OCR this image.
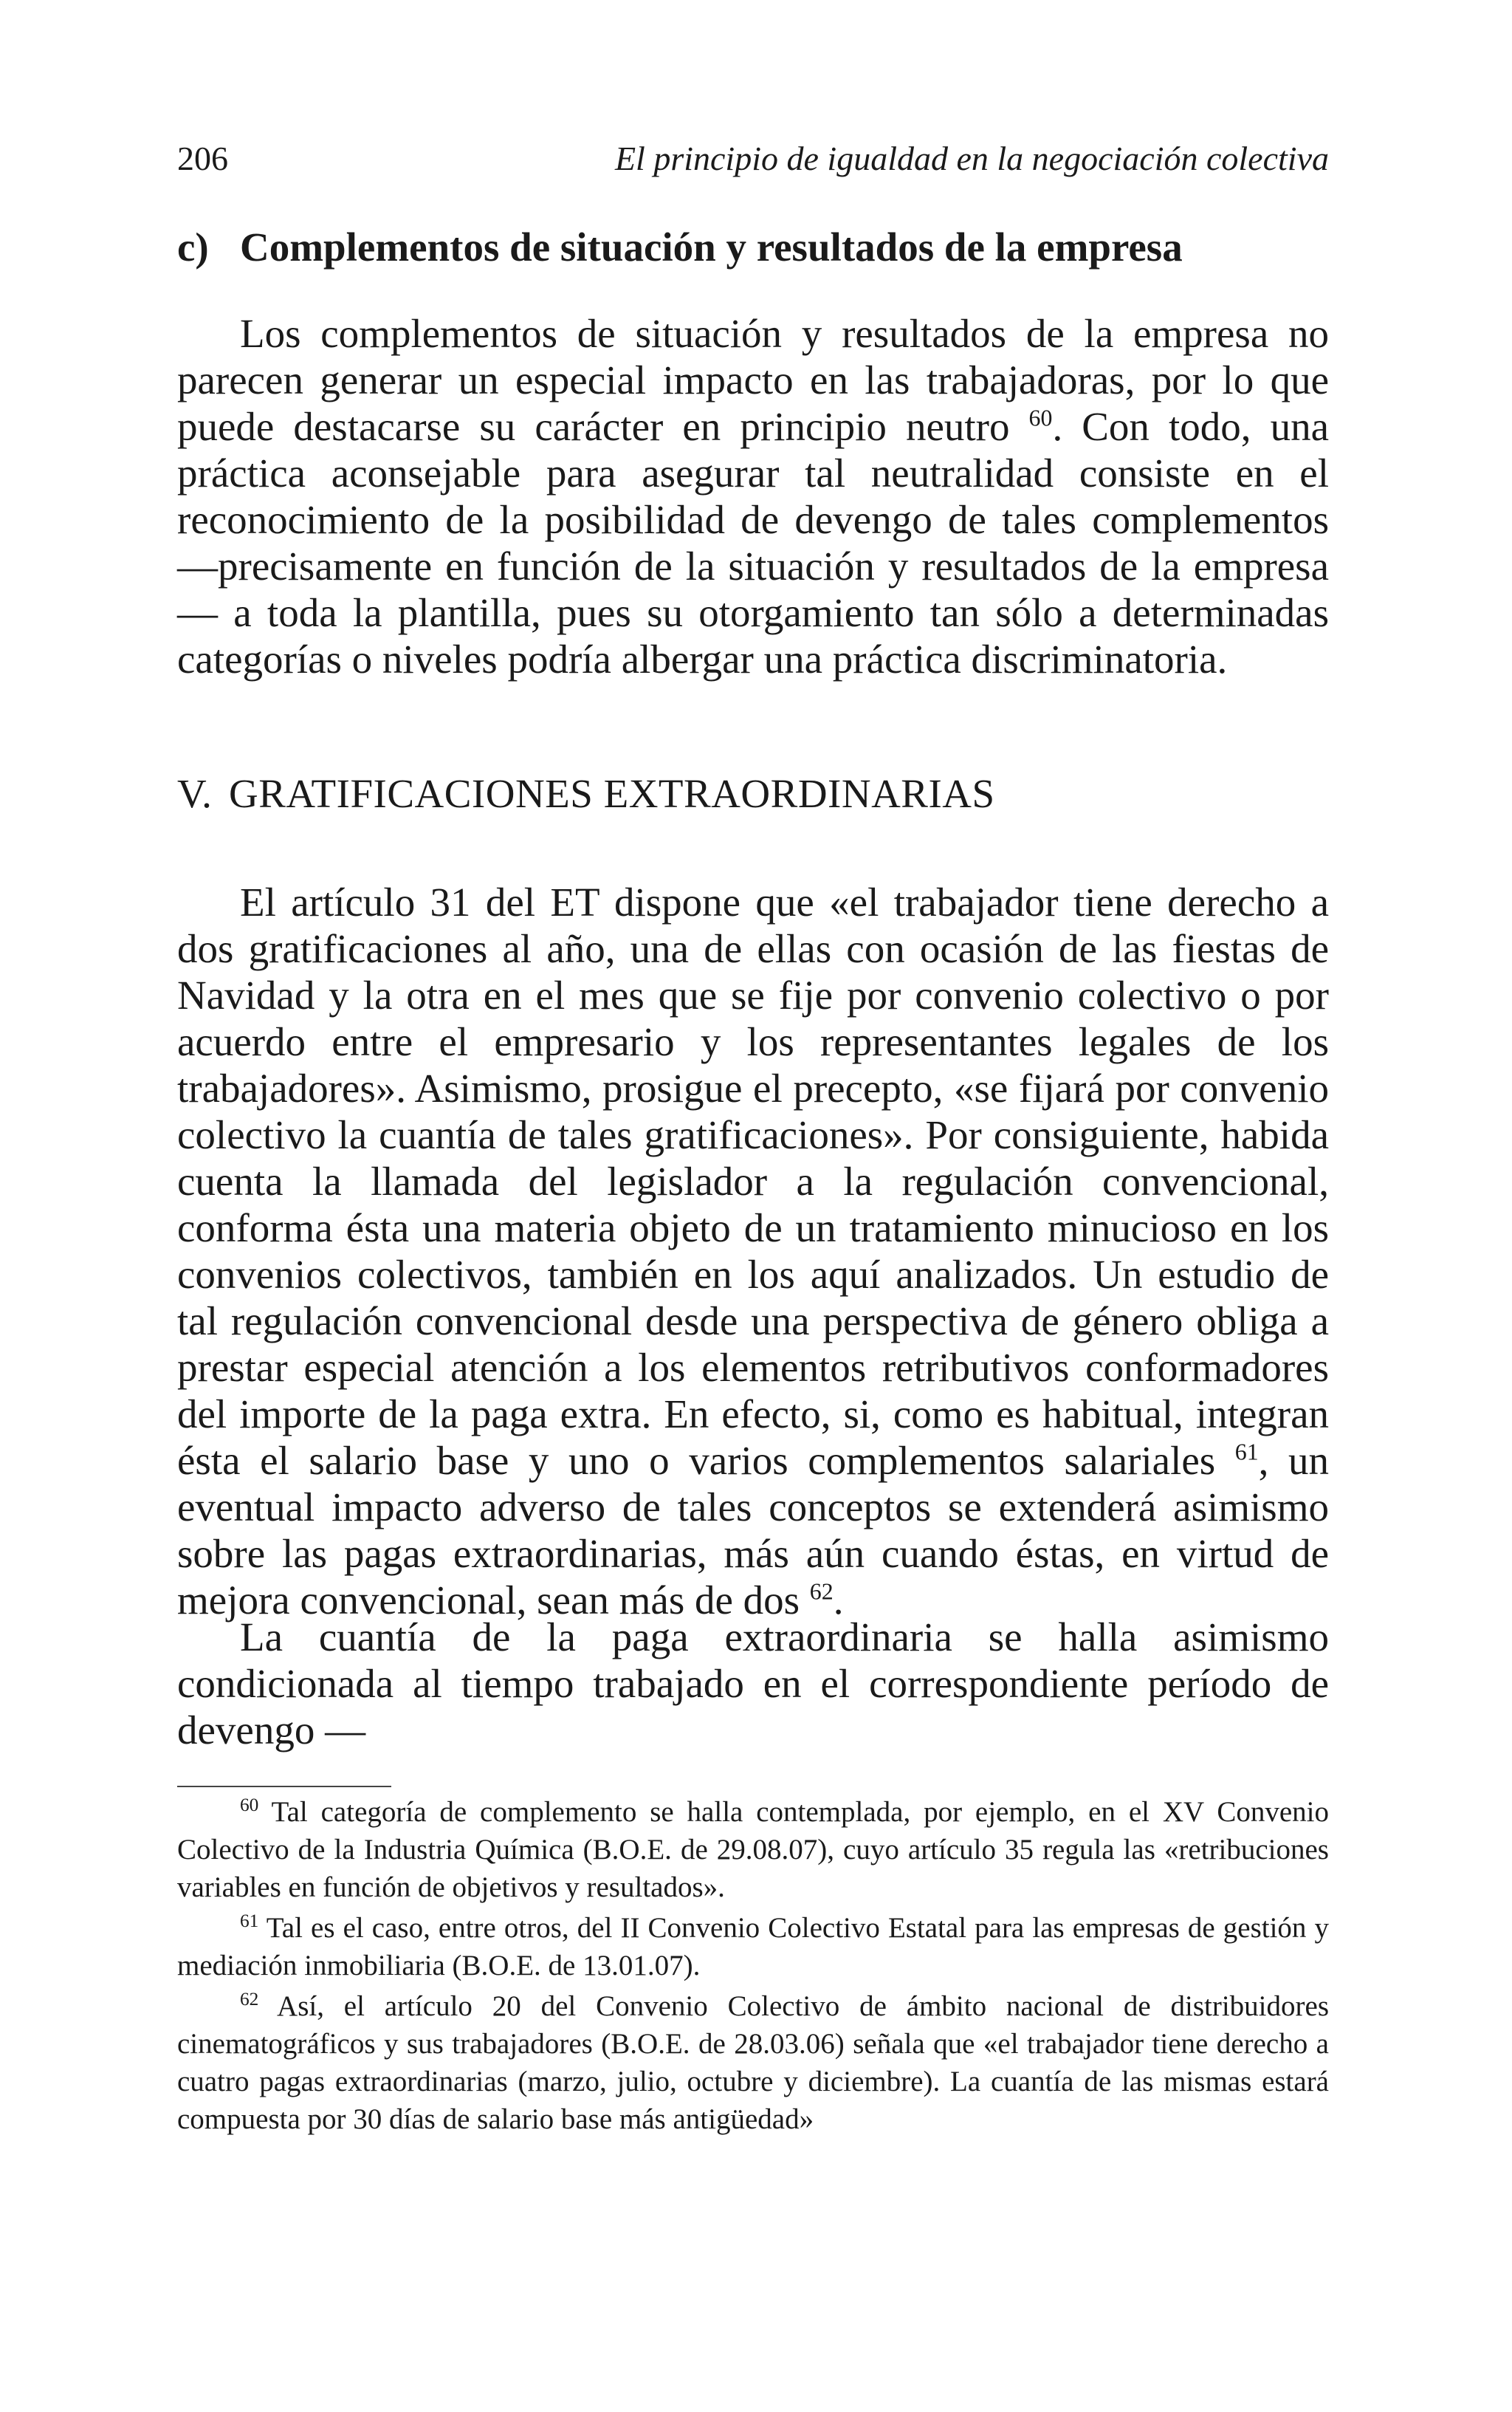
206	El principio de igualdad en la negociación colectiva
c) Complementos de situación y resultados de la empresa

Los complementos de situación y resultados de la empresa no parecen generar un especial impacto en las trabajadoras, por lo que puede destacarse su carácter en principio neutro $^{60}$. Con todo, una práctica aconsejable para asegurar tal neutralidad consiste en el reconocimiento de la posibilidad de devengo de tales complementos —precisamente en función de la situación y resultados de la empresa— a toda la plantilla, pues su otorgamiento tan sólo a determinadas categorías o niveles podría albergar una práctica discriminatoria.

V. GRATIFICACIONES EXTRAORDINARIAS

El artículo 31 del ET dispone que «el trabajador tiene derecho a dos gratificaciones al año, una de ellas con ocasión de las fiestas de Navidad y la otra en el mes que se fije por convenio colectivo o por acuerdo entre el empresario y los representantes legales de los trabajadores». Asimismo, prosigue el precepto, «se fijará por convenio colectivo la cuantía de tales gratificaciones». Por consiguiente, habida cuenta la llamada del legislador a la regulación convencional, conforma ésta una materia objeto de un tratamiento minucioso en los convenios colectivos, también en los aquí analizados. Un estudio de tal regulación convencional desde una perspectiva de género obliga a prestar especial atención a los elementos retributivos conformadores del importe de la paga extra. En efecto, si, como es habitual, integran ésta el salario base y uno o varios complementos salariales $^{61}$, un eventual impacto adverso de tales conceptos se extenderá asimismo sobre las pagas extraordinarias, más aún cuando éstas, en virtud de mejora convencional, sean más de dos $^{62}$.

La cuantía de la paga extraordinaria se halla asimismo condicionada al tiempo trabajado en el correspondiente período de devengo —

$^{60}$ Tal categoría de complemento se halla contemplada, por ejemplo, en el XV Convenio Colectivo de la Industria Química (B.O.E. de 29.08.07), cuyo artículo 35 regula las «retribuciones variables en función de objetivos y resultados».

$^{61}$ Tal es el caso, entre otros, del II Convenio Colectivo Estatal para las empresas de gestión y mediación inmobiliaria (B.O.E. de 13.01.07).

$^{62}$ Así, el artículo 20 del Convenio Colectivo de ámbito nacional de distribuidores cinematográficos y sus trabajadores (B.O.E. de 28.03.06) señala que «el trabajador tiene derecho a cuatro pagas extraordinarias (marzo, julio, octubre y diciembre). La cuantía de las mismas estará compuesta por 30 días de salario base más antigüedad»
